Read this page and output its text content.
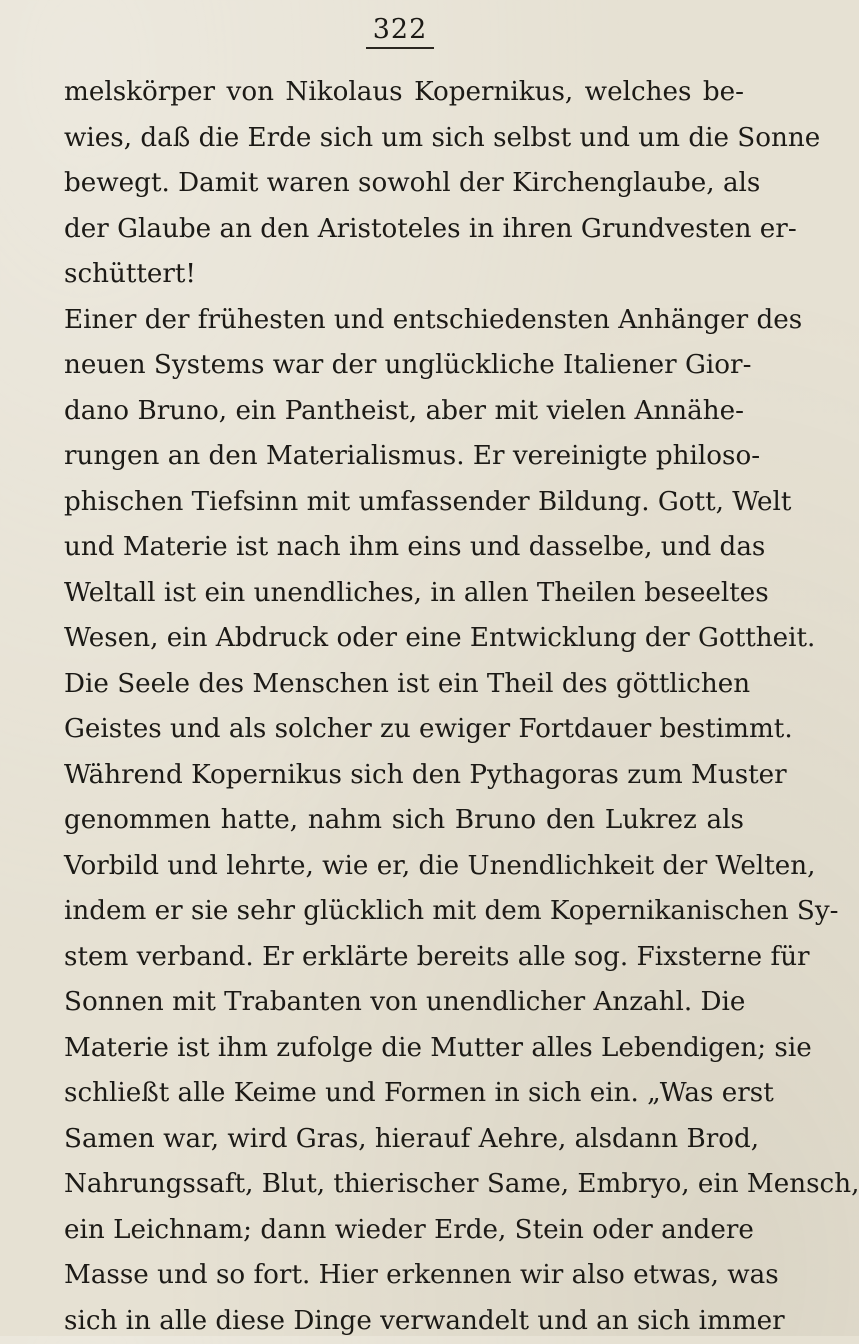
322
melskörper von Nikolaus Kopernikus, welches be-
wies, daß die Erde sich um sich selbst und um die Sonne
bewegt. Damit waren sowohl der Kirchenglaube, als
der Glaube an den Aristoteles in ihren Grundvesten er-
schüttert!
Einer der frühesten und entschiedensten Anhänger des
neuen Systems war der unglückliche Italiener Gior-
dano Bruno, ein Pantheist, aber mit vielen Annähe-
rungen an den Materialismus. Er vereinigte philoso-
phischen Tiefsinn mit umfassender Bildung. Gott, Welt
und Materie ist nach ihm eins und dasselbe, und das
Weltall ist ein unendliches, in allen Theilen beseeltes
Wesen, ein Abdruck oder eine Entwicklung der Gottheit.
Die Seele des Menschen ist ein Theil des göttlichen
Geistes und als solcher zu ewiger Fortdauer bestimmt.
Während Kopernikus sich den Pythagoras zum Muster
genommen hatte, nahm sich Bruno den Lukrez als
Vorbild und lehrte, wie er, die Unendlichkeit der Welten,
indem er sie sehr glücklich mit dem Kopernikanischen Sy-
stem verband. Er erklärte bereits alle sog. Fixsterne für
Sonnen mit Trabanten von unendlicher Anzahl. Die
Materie ist ihm zufolge die Mutter alles Lebendigen; sie
schließt alle Keime und Formen in sich ein. „Was erst
Samen war, wird Gras, hierauf Aehre, alsdann Brod,
Nahrungssaft, Blut, thierischer Same, Embryo, ein Mensch,
ein Leichnam; dann wieder Erde, Stein oder andere
Masse und so fort. Hier erkennen wir also etwas, was
sich in alle diese Dinge verwandelt und an sich immer
